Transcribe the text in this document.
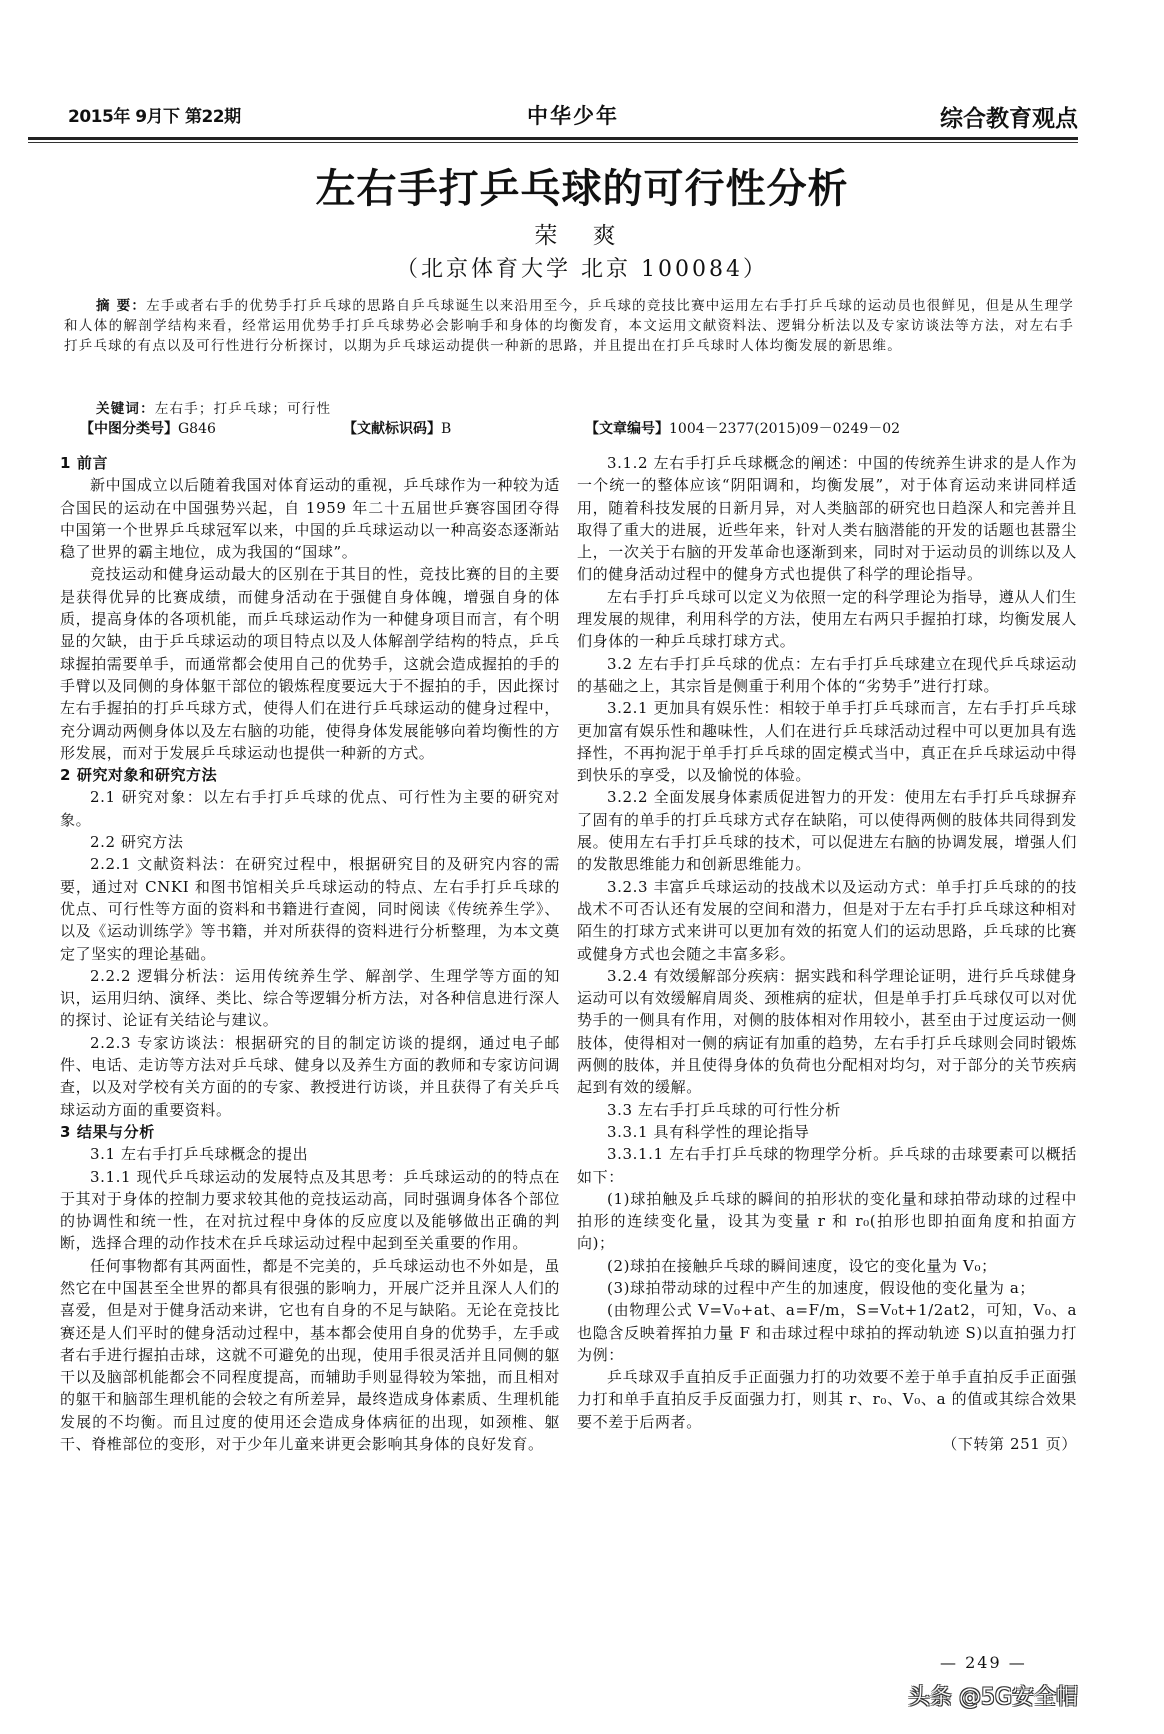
2015年 9月下 第22期	中华少年	综合教育观点
左右手打乒乓球的可行性分析
荣 爽
（北京体育大学 北京 100084）
摘 要：左手或者右手的优势手打乒乓球的思路自乒乓球诞生以来沿用至今，乒乓球的竞技比赛中运用左右手打乒乓球的运动员也很鲜见，但是从生理学和人体的解剖学结构来看，经常运用优势手打乒乓球势必会影响手和身体的均衡发育，本文运用文献资料法、逻辑分析法以及专家访谈法等方法，对左右手打乒乓球的有点以及可行性进行分析探讨，以期为乒乓球运动提供一种新的思路，并且提出在打乒乓球时人体均衡发展的新思维。
关键词：左右手；打乒乓球；可行性
【中图分类号】G846	【文献标识码】B	【文章编号】1004－2377(2015)09－0249－02
1 前言

新中国成立以后随着我国对体育运动的重视，乒乓球作为一种较为适合国民的运动在中国强势兴起，自 1959 年二十五届世乒赛容国团夺得中国第一个世界乒乓球冠军以来，中国的乒乓球运动以一种高姿态逐渐站稳了世界的霸主地位，成为我国的“国球”。

竞技运动和健身运动最大的区别在于其目的性，竞技比赛的目的主要是获得优异的比赛成绩，而健身活动在于强健自身体魄，增强自身的体质，提高身体的各项机能，而乒乓球运动作为一种健身项目而言，有个明显的欠缺，由于乒乓球运动的项目特点以及人体解剖学结构的特点，乒乓球握拍需要单手，而通常都会使用自己的优势手，这就会造成握拍的手的手臂以及同侧的身体躯干部位的锻炼程度要远大于不握拍的手，因此探讨左右手握拍的打乒乓球方式，使得人们在进行乒乓球运动的健身过程中，充分调动两侧身体以及左右脑的功能，使得身体发展能够向着均衡性的方形发展，而对于发展乒乓球运动也提供一种新的方式。

2 研究对象和研究方法

2.1 研究对象：以左右手打乒乓球的优点、可行性为主要的研究对象。

2.2 研究方法

2.2.1 文献资料法：在研究过程中，根据研究目的及研究内容的需要，通过对 CNKI 和图书馆相关乒乓球运动的特点、左右手打乒乓球的优点、可行性等方面的资料和书籍进行查阅，同时阅读《传统养生学》、以及《运动训练学》等书籍，并对所获得的资料进行分析整理，为本文奠定了坚实的理论基础。

2.2.2 逻辑分析法：运用传统养生学、解剖学、生理学等方面的知识，运用归纳、演绎、类比、综合等逻辑分析方法，对各种信息进行深人的探讨、论证有关结论与建议。

2.2.3 专家访谈法：根据研究的目的制定访谈的提纲，通过电子邮件、电话、走访等方法对乒乓球、健身以及养生方面的教师和专家访问调查，以及对学校有关方面的的专家、教授进行访谈，并且获得了有关乒乓球运动方面的重要资料。

3 结果与分析
3.1 左右手打乒乓球概念的提出

3.1.1 现代乒乓球运动的发展特点及其思考：乒乓球运动的的特点在于其对于身体的控制力要求较其他的竞技运动高，同时强调身体各个部位的协调性和统一性，在对抗过程中身体的反应度以及能够做出正确的判断，选择合理的动作技术在乒乓球运动过程中起到至关重要的作用。

任何事物都有其两面性，都是不完美的，乒乓球运动也不外如是，虽然它在中国甚至全世界的都具有很强的影响力，开展广泛并且深人人们的喜爱，但是对于健身活动来讲，它也有自身的不足与缺陷。无论在竞技比赛还是人们平时的健身活动过程中，基本都会使用自身的优势手，左手或者右手进行握拍击球，这就不可避免的出现，使用手很灵活并且同侧的躯干以及脑部机能都会不同程度提高，而辅助手则显得较为笨拙，而且相对的躯干和脑部生理机能的会较之有所差异，最终造成身体素质、生理机能发展的不均衡。而且过度的使用还会造成身体病征的出现，如颈椎、躯干、脊椎部位的变形，对于少年儿童来讲更会影响其身体的良好发育。

3.1.2 左右手打乒乓球概念的阐述：中国的传统养生讲求的是人作为一个统一的整体应该“阴阳调和，均衡发展”，对于体育运动来讲同样适用，随着科技发展的日新月异，对人类脑部的研究也日趋深人和完善并且取得了重大的进展，近些年来，针对人类右脑潜能的开发的话题也甚嚣尘上，一次关于右脑的开发革命也逐渐到来，同时对于运动员的训练以及人们的健身活动过程中的健身方式也提供了科学的理论指导。

左右手打乒乓球可以定义为依照一定的科学理论为指导，遵从人们生理发展的规律，利用科学的方法，使用左右两只手握拍打球，均衡发展人们身体的一种乒乓球打球方式。

3.2 左右手打乒乓球的优点：左右手打乒乓球建立在现代乒乓球运动的基础之上，其宗旨是侧重于利用个体的“劣势手”进行打球。

3.2.1 更加具有娱乐性：相较于单手打乒乓球而言，左右手打乒乓球更加富有娱乐性和趣味性，人们在进行乒乓球活动过程中可以更加具有选择性，不再拘泥于单手打乒乓球的固定模式当中，真正在乒乓球运动中得到快乐的享受，以及愉悦的体验。

3.2.2 全面发展身体素质促进智力的开发：使用左右手打乒乓球摒弃了固有的单手的打乒乓球方式存在缺陷，可以使得两侧的肢体共同得到发展。使用左右手打乒乓球的技术，可以促进左右脑的协调发展，增强人们的发散思维能力和创新思维能力。

3.2.3 丰富乒乓球运动的技战术以及运动方式：单手打乒乓球的的技战术不可否认还有发展的空间和潜力，但是对于左右手打乒乓球这种相对陌生的打球方式来讲可以更加有效的拓宽人们的运动思路，乒乓球的比赛或健身方式也会随之丰富多彩。

3.2.4 有效缓解部分疾病：据实践和科学理论证明，进行乒乓球健身运动可以有效缓解肩周炎、颈椎病的症状，但是单手打乒乓球仅可以对优势手的一侧具有作用，对侧的肢体相对作用较小，甚至由于过度运动一侧肢体，使得相对一侧的病证有加重的趋势，左右手打乒乓球则会同时锻炼两侧的肢体，并且使得身体的负荷也分配相对均匀，对于部分的关节疾病起到有效的缓解。

3.3 左右手打乒乓球的可行性分析
3.3.1 具有科学性的理论指导

3.3.1.1 左右手打乒乓球的物理学分析。乒乓球的击球要素可以概括如下：

(1)球拍触及乒乓球的瞬间的拍形状的变化量和球拍带动球的过程中拍形的连续变化量，设其为变量 r 和 r₀(拍形也即拍面角度和拍面方向)；

(2)球拍在接触乒乓球的瞬间速度，设它的变化量为 V₀；

(3)球拍带动球的过程中产生的加速度，假设他的变化量为 a；

(由物理公式 V=V₀+at、a=F/m，S=V₀t+1/2at2，可知，V₀、a 也隐含反映着挥拍力量 F 和击球过程中球拍的挥动轨迹 S)以直拍强力打为例：

乒乓球双手直拍反手正面强力打的功效要不差于单手直拍反手正面强力打和单手直拍反手反面强力打，则其 r、r₀、V₀、a 的值或其综合效果要不差于后两者。

（下转第 251 页）
— 249 —
头条 @5G安全帽
